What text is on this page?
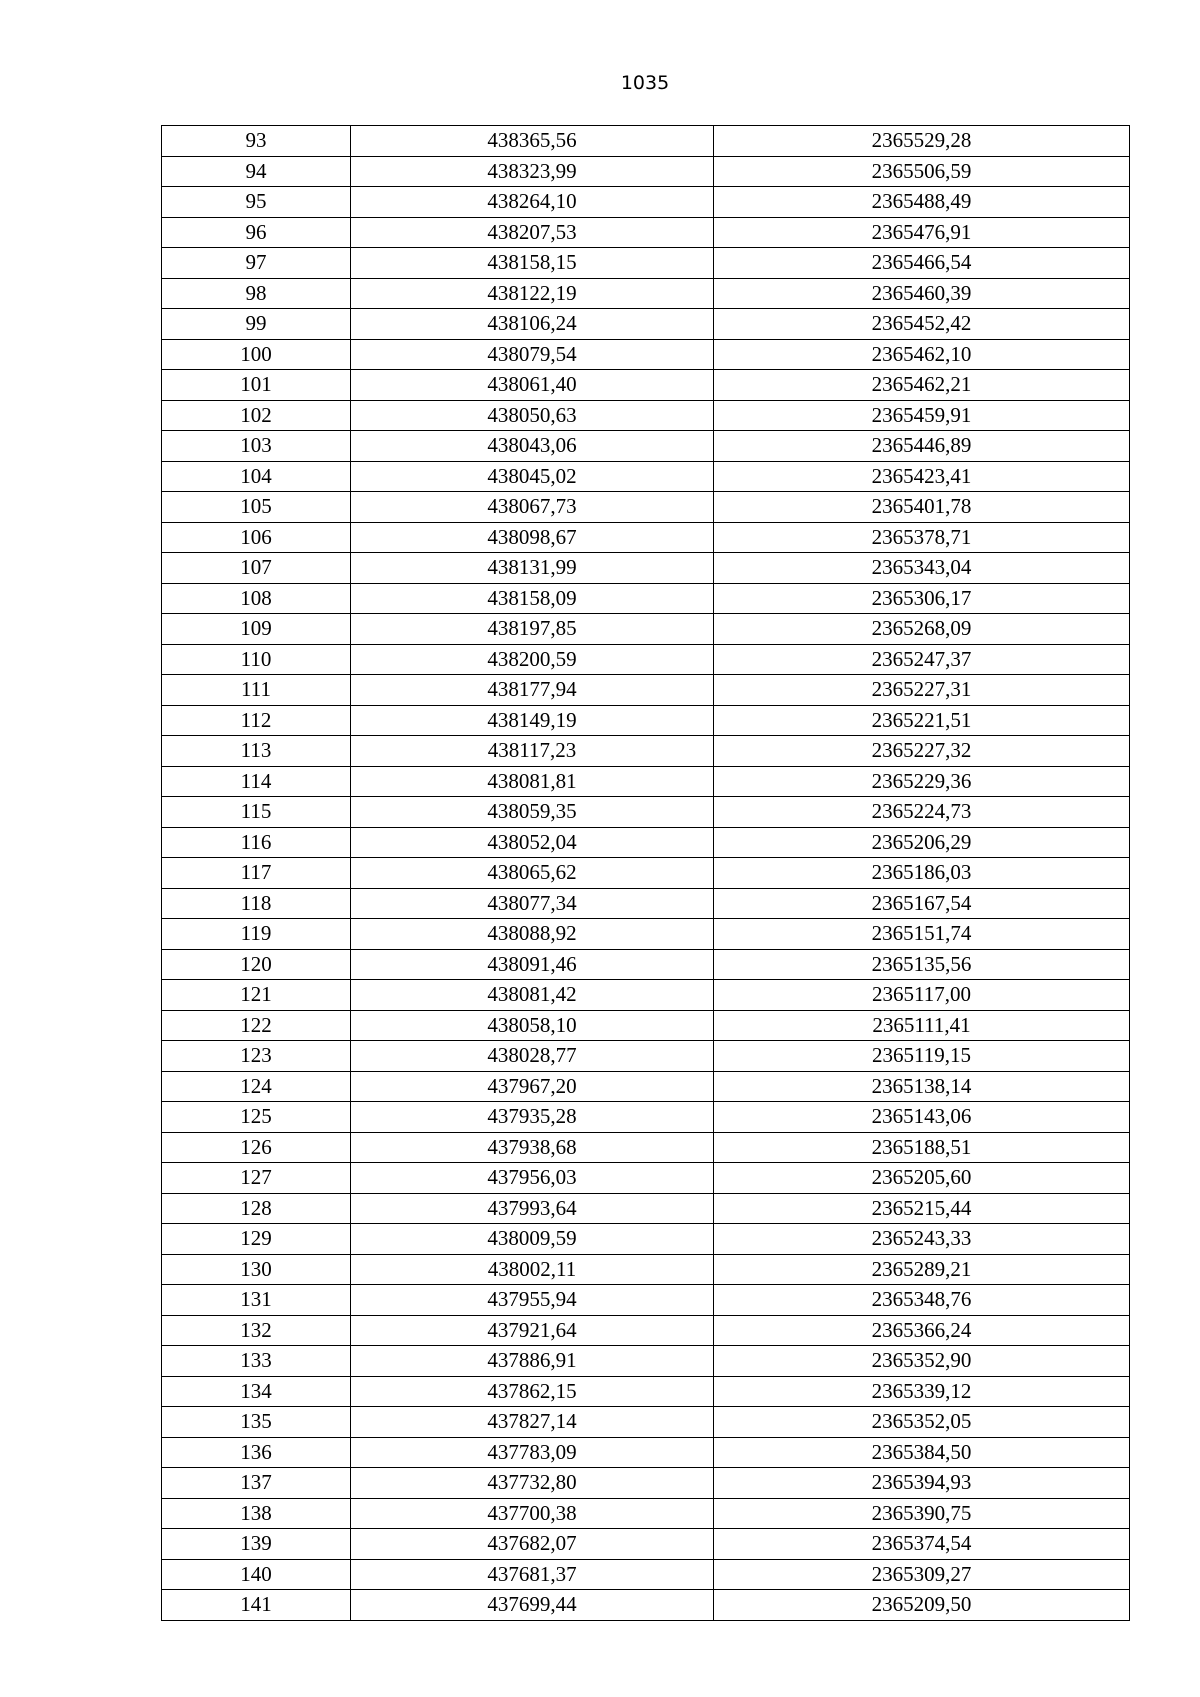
1035
93	438365,56	2365529,28
94	438323,99	2365506,59
95	438264,10	2365488,49
96	438207,53	2365476,91
97	438158,15	2365466,54
98	438122,19	2365460,39
99	438106,24	2365452,42
100	438079,54	2365462,10
101	438061,40	2365462,21
102	438050,63	2365459,91
103	438043,06	2365446,89
104	438045,02	2365423,41
105	438067,73	2365401,78
106	438098,67	2365378,71
107	438131,99	2365343,04
108	438158,09	2365306,17
109	438197,85	2365268,09
110	438200,59	2365247,37
111	438177,94	2365227,31
112	438149,19	2365221,51
113	438117,23	2365227,32
114	438081,81	2365229,36
115	438059,35	2365224,73
116	438052,04	2365206,29
117	438065,62	2365186,03
118	438077,34	2365167,54
119	438088,92	2365151,74
120	438091,46	2365135,56
121	438081,42	2365117,00
122	438058,10	2365111,41
123	438028,77	2365119,15
124	437967,20	2365138,14
125	437935,28	2365143,06
126	437938,68	2365188,51
127	437956,03	2365205,60
128	437993,64	2365215,44
129	438009,59	2365243,33
130	438002,11	2365289,21
131	437955,94	2365348,76
132	437921,64	2365366,24
133	437886,91	2365352,90
134	437862,15	2365339,12
135	437827,14	2365352,05
136	437783,09	2365384,50
137	437732,80	2365394,93
138	437700,38	2365390,75
139	437682,07	2365374,54
140	437681,37	2365309,27
141	437699,44	2365209,50
